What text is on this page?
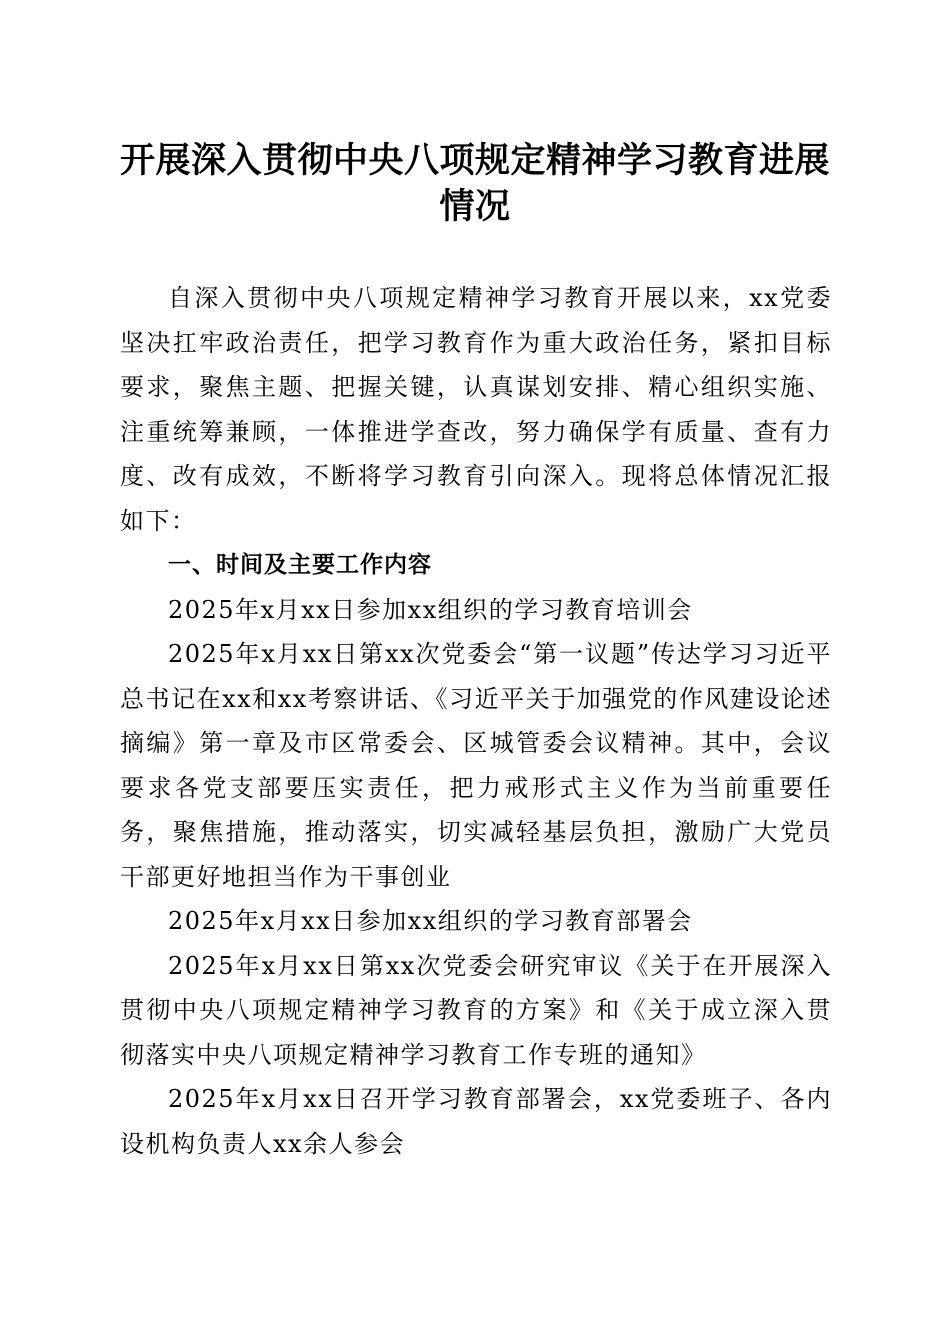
开展深入贯彻中央八项规定精神学习教育进展
情况

自深入贯彻中央八项规定精神学习教育开展以来，xx党委坚决扛牢政治责任，把学习教育作为重大政治任务，紧扣目标要求，聚焦主题、把握关键，认真谋划安排、精心组织实施、注重统筹兼顾，一体推进学查改，努力确保学有质量、查有力度、改有成效，不断将学习教育引向深入。现将总体情况汇报如下：

一、时间及主要工作内容

2025年x月xx日参加xx组织的学习教育培训会

2025年x月xx日第xx次党委会“第一议题”传达学习习近平总书记在xx和xx考察讲话、《习近平关于加强党的作风建设论述摘编》第一章及市区常委会、区城管委会议精神。其中，会议要求各党支部要压实责任，把力戒形式主义作为当前重要任务，聚焦措施，推动落实，切实减轻基层负担，激励广大党员干部更好地担当作为干事创业

2025年x月xx日参加xx组织的学习教育部署会

2025年x月xx日第xx次党委会研究审议《关于在开展深入贯彻中央八项规定精神学习教育的方案》和《关于成立深入贯彻落实中央八项规定精神学习教育工作专班的通知》

2025年x月xx日召开学习教育部署会，xx党委班子、各内设机构负责人xx余人参会
